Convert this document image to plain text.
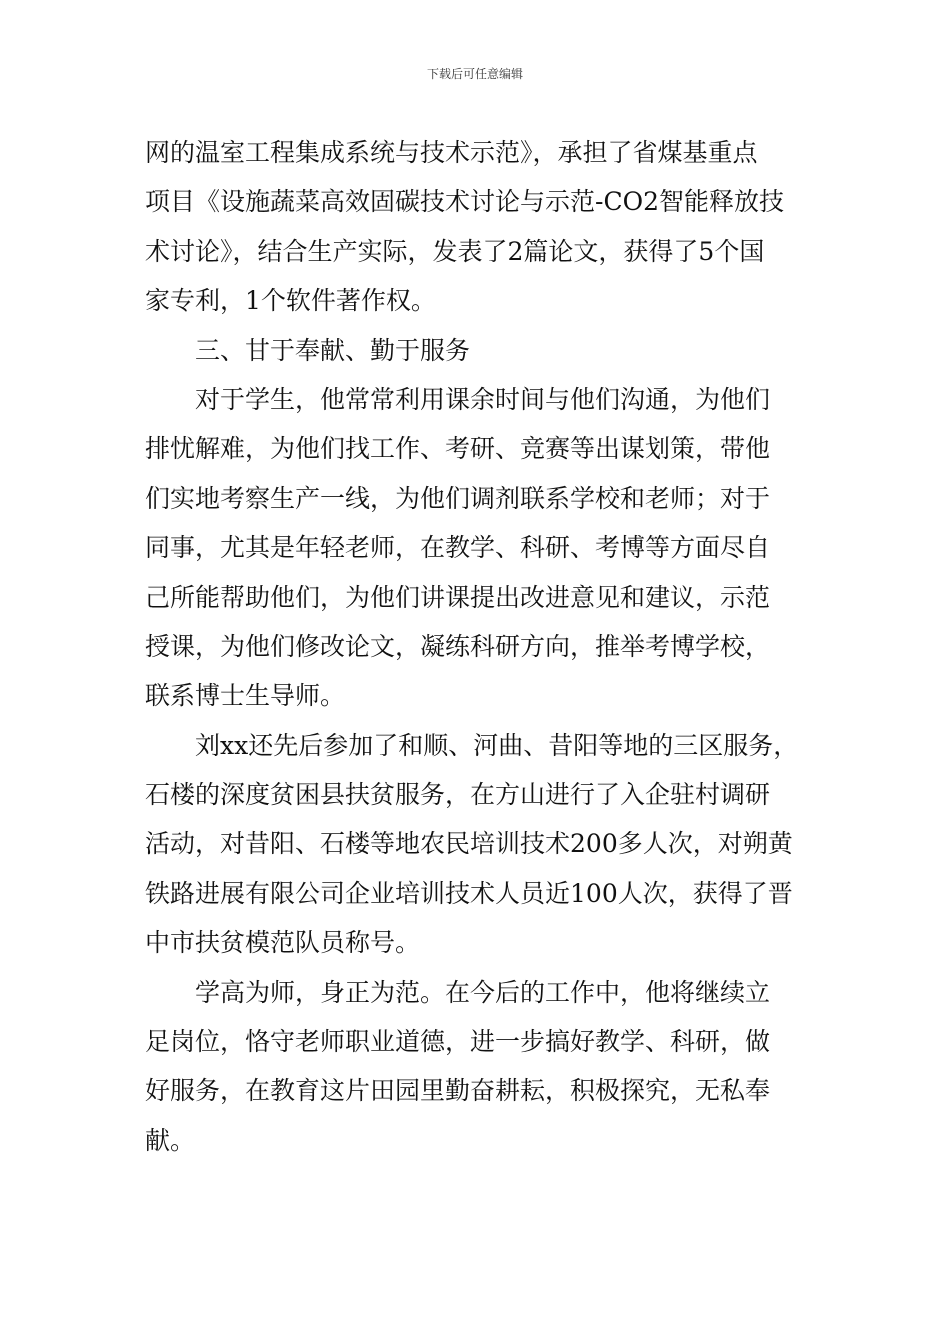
下载后可任意编辑
网的温室工程集成系统与技术示范》，承担了省煤基重点
项目《设施蔬菜高效固碳技术讨论与示范-CO2智能释放技
术讨论》，结合生产实际，发表了2篇论文，获得了5个国
家专利，1个软件著作权。
三、甘于奉献、勤于服务
对于学生，他常常利用课余时间与他们沟通，为他们
排忧解难，为他们找工作、考研、竞赛等出谋划策，带他
们实地考察生产一线，为他们调剂联系学校和老师；对于
同事，尤其是年轻老师，在教学、科研、考博等方面尽自
己所能帮助他们，为他们讲课提出改进意见和建议，示范
授课，为他们修改论文，凝练科研方向，推举考博学校，
联系博士生导师。
刘xx还先后参加了和顺、河曲、昔阳等地的三区服务，
石楼的深度贫困县扶贫服务，在方山进行了入企驻村调研
活动，对昔阳、石楼等地农民培训技术200多人次，对朔黄
铁路进展有限公司企业培训技术人员近100人次，获得了晋
中市扶贫模范队员称号。
学高为师，身正为范。在今后的工作中，他将继续立
足岗位，恪守老师职业道德，进一步搞好教学、科研，做
好服务，在教育这片田园里勤奋耕耘，积极探究，无私奉
献。
